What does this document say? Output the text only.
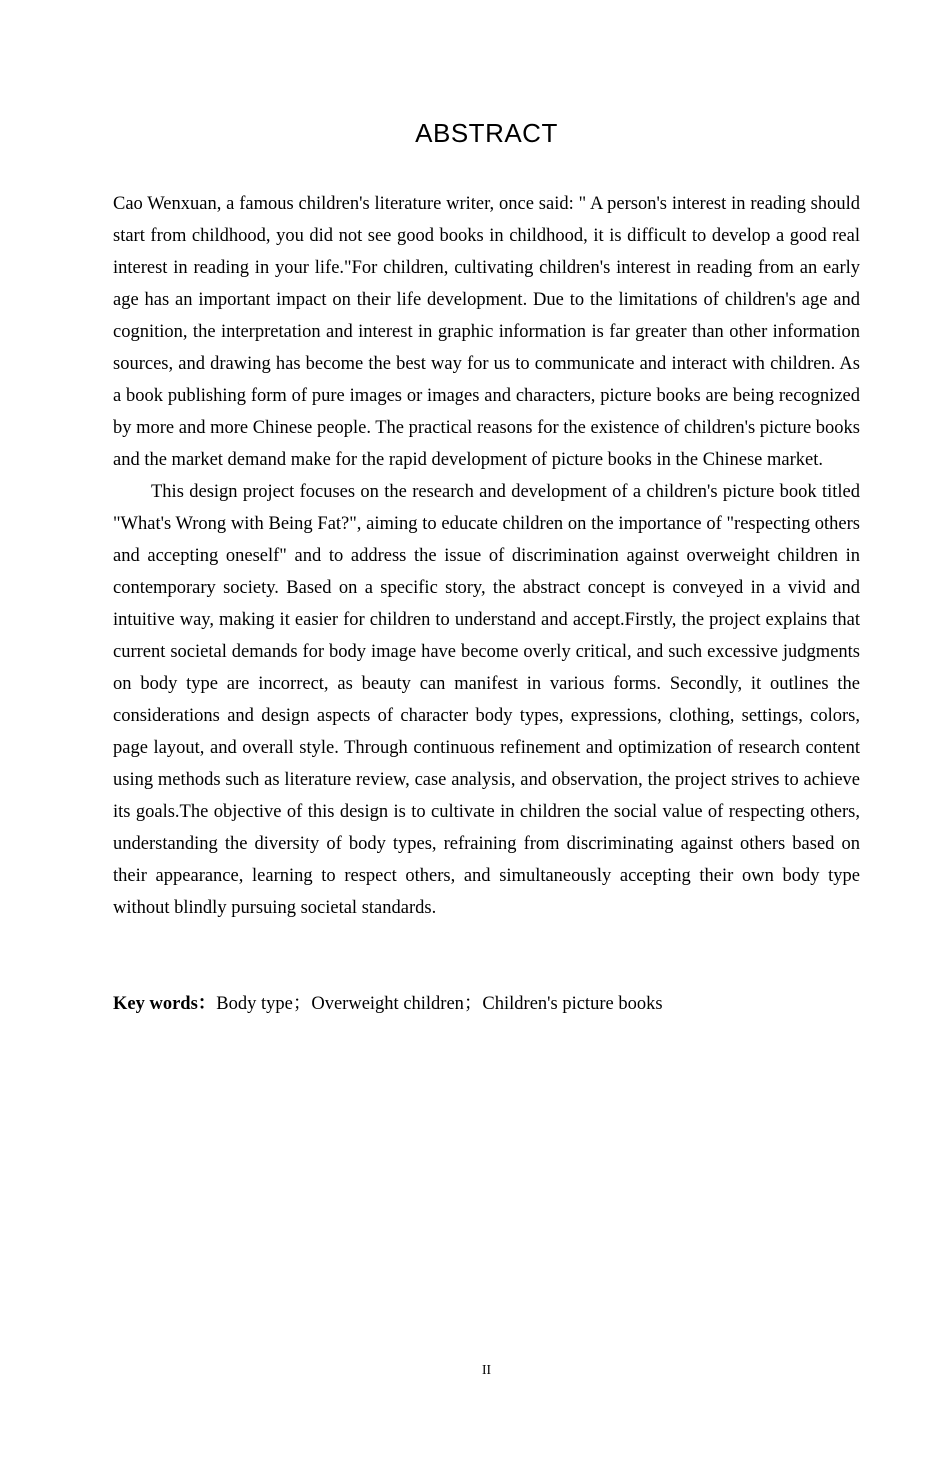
ABSTRACT

Cao Wenxuan, a famous children's literature writer, once said: " A person's interest in reading should start from childhood, you did not see good books in childhood, it is difficult to develop a good real interest in reading in your life."For children, cultivating children's interest in reading from an early age has an important impact on their life development. Due to the limitations of children's age and cognition, the interpretation and interest in graphic information is far greater than other information sources, and drawing has become the best way for us to communicate and interact with children. As a book publishing form of pure images or images and characters, picture books are being recognized by more and more Chinese people. The practical reasons for the existence of children's picture books and the market demand make for the rapid development of picture books in the Chinese market.

This design project focuses on the research and development of a children's picture book titled "What's Wrong with Being Fat?", aiming to educate children on the importance of "respecting others and accepting oneself" and to address the issue of discrimination against overweight children in contemporary society. Based on a specific story, the abstract concept is conveyed in a vivid and intuitive way, making it easier for children to understand and accept.Firstly, the project explains that current societal demands for body image have become overly critical, and such excessive judgments on body type are incorrect, as beauty can manifest in various forms. Secondly, it outlines the considerations and design aspects of character body types, expressions, clothing, settings, colors, page layout, and overall style. Through continuous refinement and optimization of research content using methods such as literature review, case analysis, and observation, the project strives to achieve its goals.The objective of this design is to cultivate in children the social value of respecting others, understanding the diversity of body types, refraining from discriminating against others based on their appearance, learning to respect others, and simultaneously accepting their own body type without blindly pursuing societal standards.

Key words：Body type；Overweight children；Children's picture books

II
